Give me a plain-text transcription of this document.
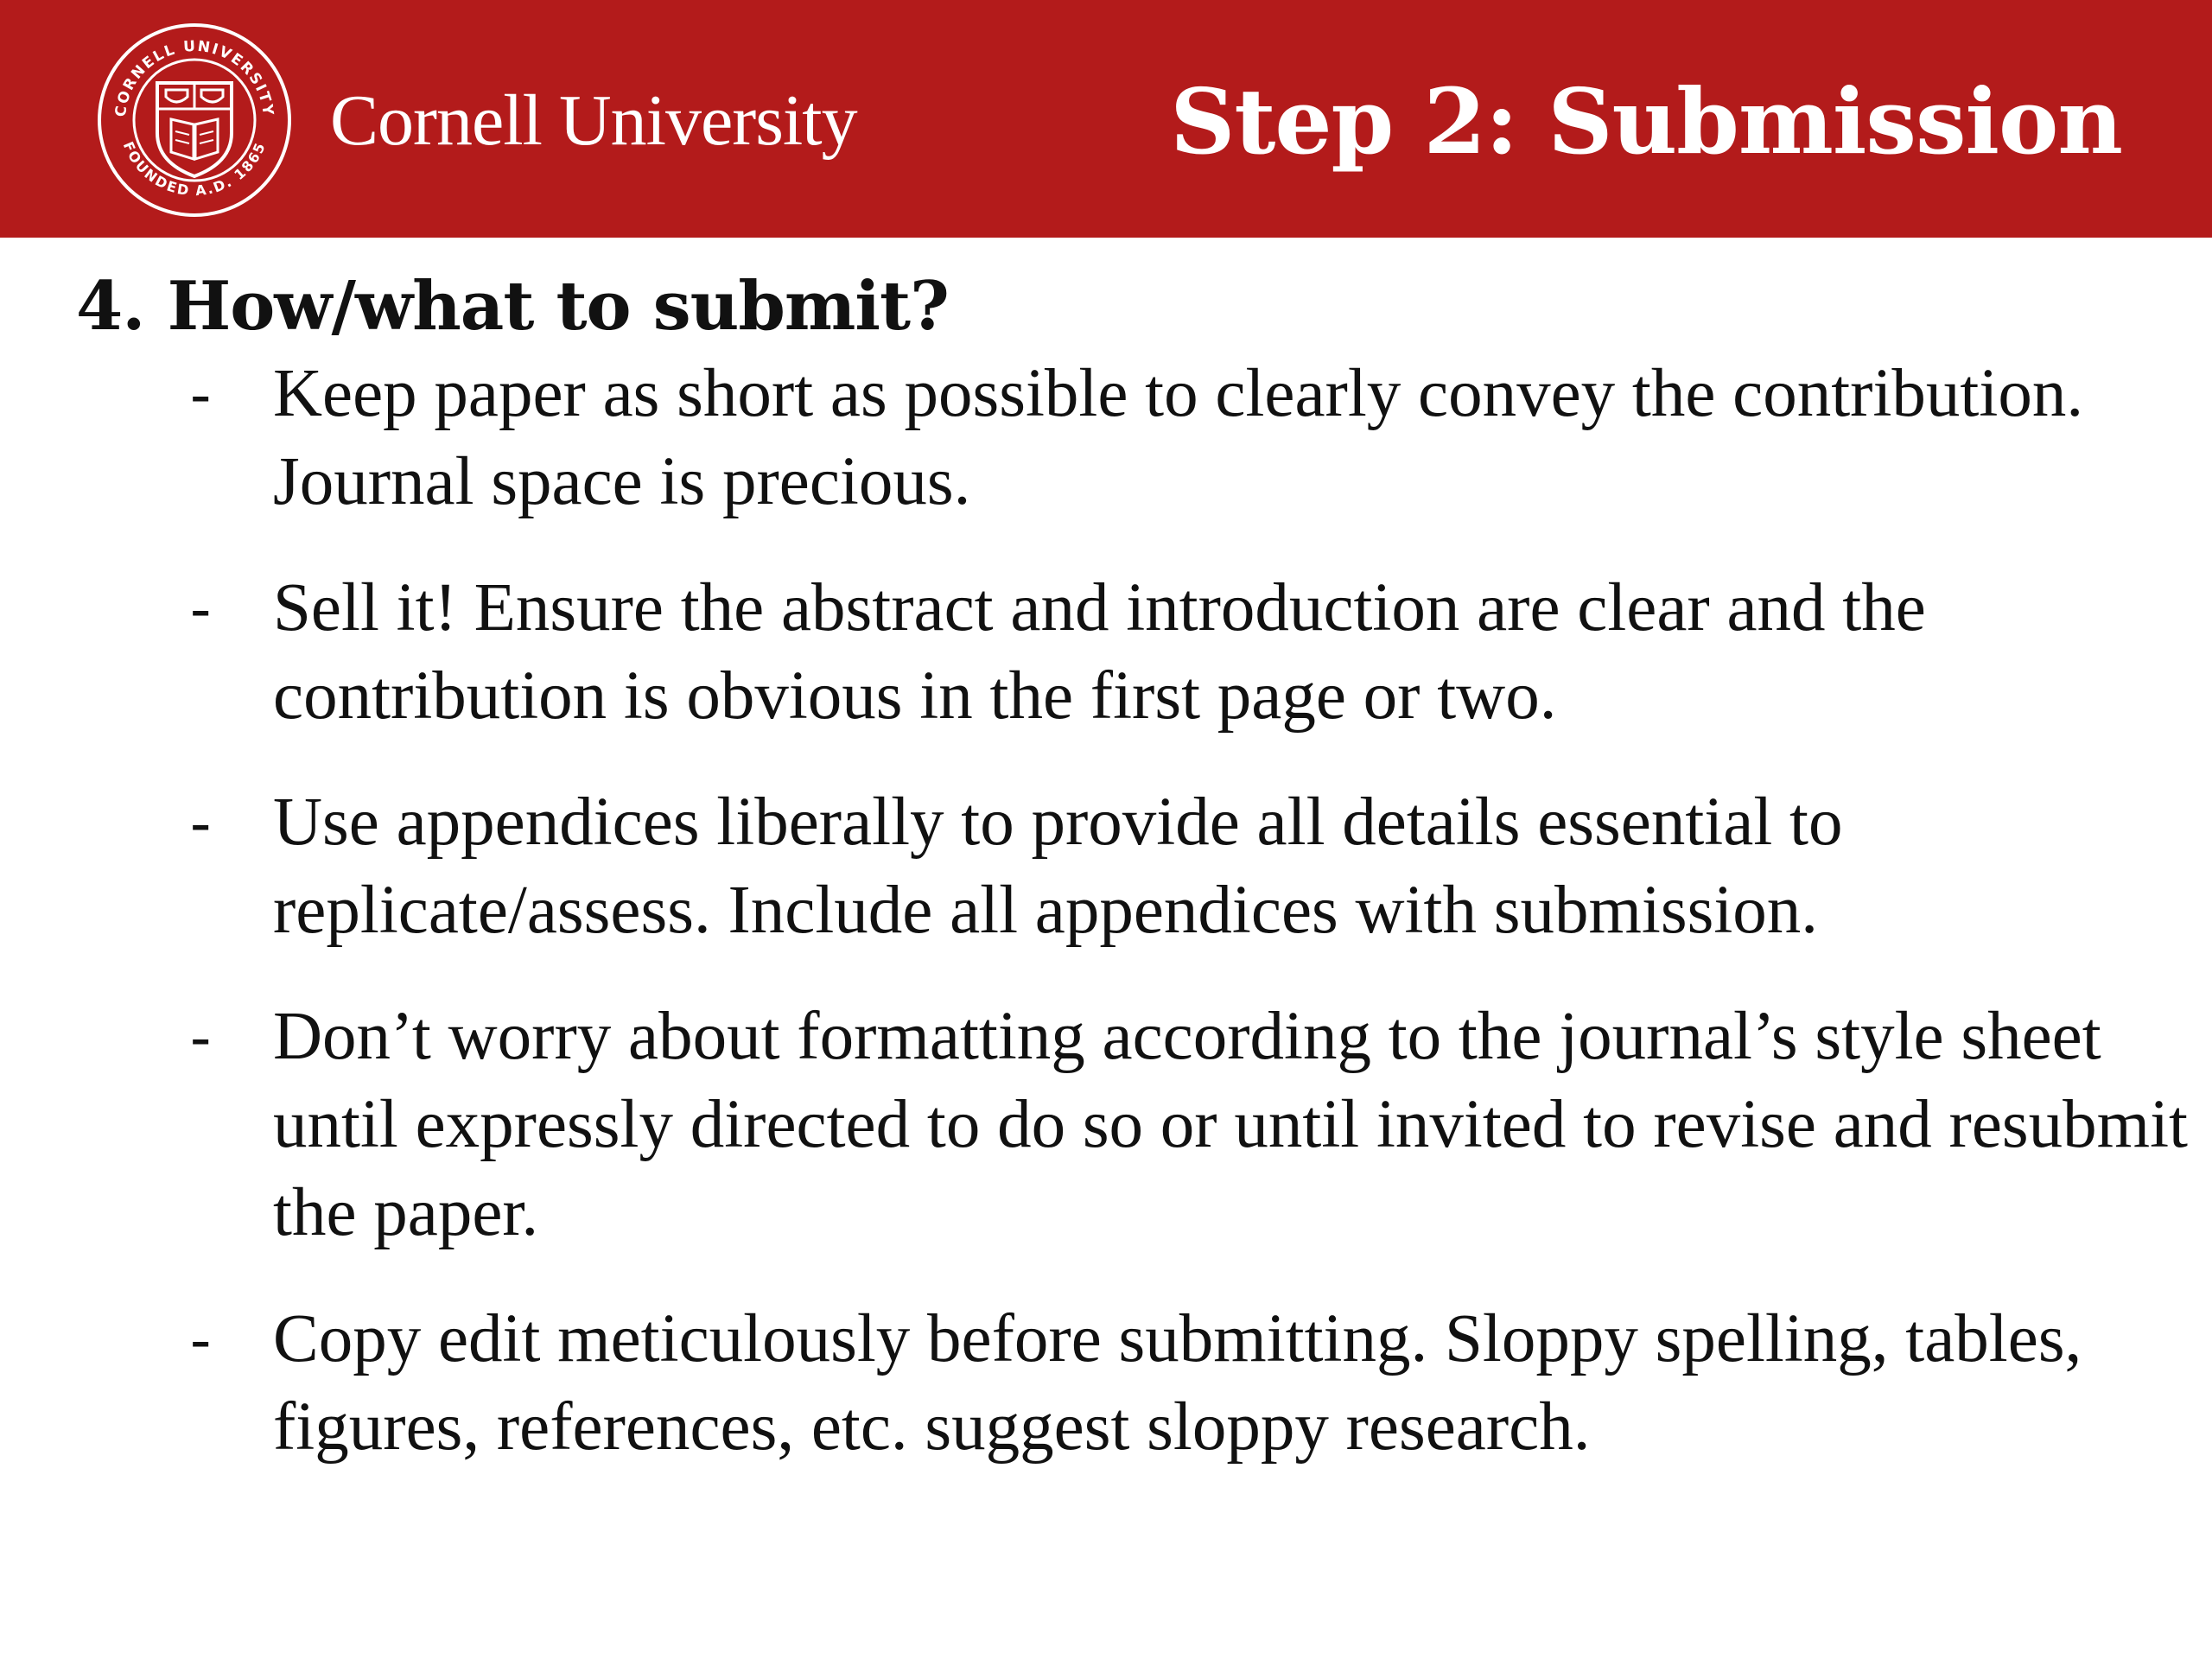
CORNELL UNIVERSITY
FOUNDED A.D. 1865 Cornell University	Step 2: Submission
4. How/what to submit?
- Keep paper as short as possible to clearly convey the contribution. Journal space is precious.
- Sell it! Ensure the abstract and introduction are clear and the contribution is obvious in the first page or two.
- Use appendices liberally to provide all details essential to replicate/assess. Include all appendices with submission.
- Don’t worry about formatting according to the journal’s style sheet until expressly directed to do so or until invited to revise and resubmit the paper.
- Copy edit meticulously before submitting. Sloppy spelling, tables, figures, references, etc. suggest sloppy research.
